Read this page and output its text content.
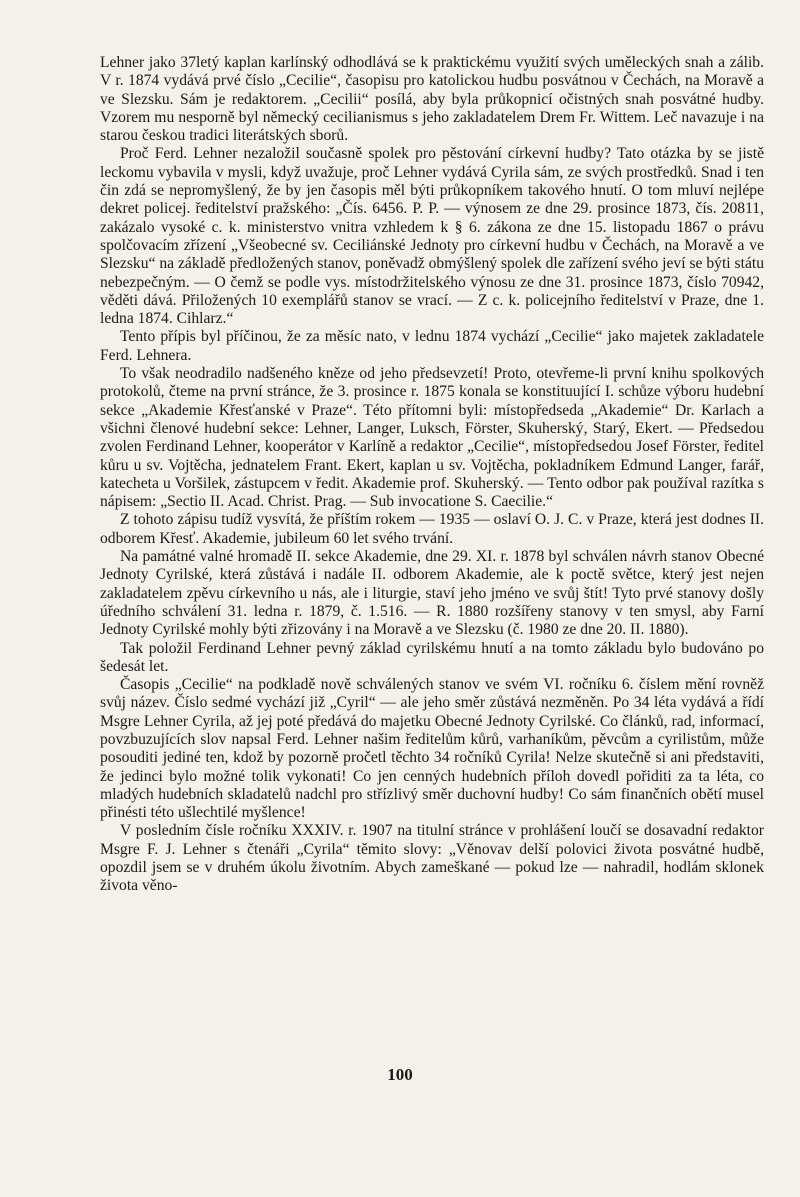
Lehner jako 37letý kaplan karlínský odhodlává se k praktickému využití svých uměleckých snah a zálib. V r. 1874 vydává prvé číslo „Cecilie“, časopisu pro katolickou hudbu posvátnou v Čechách, na Moravě a ve Slezsku. Sám je redaktorem. „Cecilii“ posílá, aby byla průkopnicí očistných snah posvátné hudby. Vzorem mu nesporně byl německý cecilianismus s jeho zakladatelem Drem Fr. Wittem. Leč navazuje i na starou českou tradici literátských sborů.

Proč Ferd. Lehner nezaložil současně spolek pro pěstování církevní hudby? Tato otázka by se jistě leckomu vybavila v mysli, když uvažuje, proč Lehner vydává Cyrila sám, ze svých prostředků. Snad i ten čin zdá se nepromyšlený, že by jen časopis měl býti průkopníkem takového hnutí. O tom mluví nejlépe dekret policej. ředitelství pražského: „Čís. 6456. P. P. — výnosem ze dne 29. prosince 1873, čís. 20811, zakázalo vysoké c. k. ministerstvo vnitra vzhledem k § 6. zákona ze dne 15. listopadu 1867 o právu spolčovacím zřízení „Všeobecné sv. Ceciliánské Jednoty pro církevní hudbu v Čechách, na Moravě a ve Slezsku“ na základě předložených stanov, poněvadž obmýšlený spolek dle zařízení svého jeví se býti státu nebezpečným. — O čemž se podle vys. místodržitelského výnosu ze dne 31. prosince 1873, číslo 70942, věděti dává. Přiložených 10 exemplářů stanov se vrací. — Z c. k. policejního ředitelství v Praze, dne 1. ledna 1874. Cihlarz.“

Tento přípis byl příčinou, že za měsíc nato, v lednu 1874 vychází „Cecilie“ jako majetek zakladatele Ferd. Lehnera.

To však neodradilo nadšeného kněze od jeho předsevzetí! Proto, otevřeme-li první knihu spolkových protokolů, čteme na první stránce, že 3. prosince r. 1875 konala se konstituující I. schůze výboru hudební sekce „Akademie Křesťanské v Praze“. Této přítomni byli: místopředseda „Akademie“ Dr. Karlach a všichni členové hudební sekce: Lehner, Langer, Luksch, Förster, Skuherský, Starý, Ekert. — Předsedou zvolen Ferdinand Lehner, kooperátor v Karlíně a redaktor „Cecilie“, místopředsedou Josef Förster, ředitel kůru u sv. Vojtěcha, jednatelem Frant. Ekert, kaplan u sv. Vojtěcha, pokladníkem Edmund Langer, farář, katecheta u Voršilek, zástupcem v ředit. Akademie prof. Skuherský. — Tento odbor pak používal razítka s nápisem: „Sectio II. Acad. Christ. Prag. — Sub invocatione S. Caecilie.“

Z tohoto zápisu tudíž vysvítá, že příštím rokem — 1935 — oslaví O. J. C. v Praze, která jest dodnes II. odborem Křesť. Akademie, jubileum 60 let svého trvání.

Na památné valné hromadě II. sekce Akademie, dne 29. XI. r. 1878 byl schválen návrh stanov Obecné Jednoty Cyrilské, která zůstává i nadále II. odborem Akademie, ale k poctě světce, který jest nejen zakladatelem zpěvu církevního u nás, ale i liturgie, staví jeho jméno ve svůj štít! Tyto prvé stanovy došly úředního schválení 31. ledna r. 1879, č. 1.516. — R. 1880 rozšířeny stanovy v ten smysl, aby Farní Jednoty Cyrilské mohly býti zřizovány i na Moravě a ve Slezsku (č. 1980 ze dne 20. II. 1880).

Tak položil Ferdinand Lehner pevný základ cyrilskému hnutí a na tomto základu bylo budováno po šedesát let.

Časopis „Cecilie“ na podkladě nově schválených stanov ve svém VI. ročníku 6. číslem mění rovněž svůj název. Číslo sedmé vychází již „Cyril“ — ale jeho směr zůstává nezměněn. Po 34 léta vydává a řídí Msgre Lehner Cyrila, až jej poté předává do majetku Obecné Jednoty Cyrilské. Co článků, rad, informací, povzbuzujících slov napsal Ferd. Lehner našim ředitelům kůrů, varhaníkům, pěvcům a cyrilistům, může posouditi jediné ten, kdož by pozorně pročetl těchto 34 ročníků Cyrila! Nelze skutečně si ani představiti, že jedinci bylo možné tolik vykonati! Co jen cenných hudebních příloh dovedl pořiditi za ta léta, co mladých hudebních skladatelů nadchl pro střízlivý směr duchovní hudby! Co sám finančních obětí musel přinésti této ušlechtilé myšlence!

V posledním čísle ročníku XXXIV. r. 1907 na titulní stránce v prohlášení loučí se dosavadní redaktor Msgre F. J. Lehner s čtenáři „Cyrila“ těmito slovy: „Věnovav delší polovici života posvátné hudbě, opozdil jsem se v druhém úkolu životním. Abych zameškané — pokud lze — nahradil, hodlám sklonek života věno-

100
